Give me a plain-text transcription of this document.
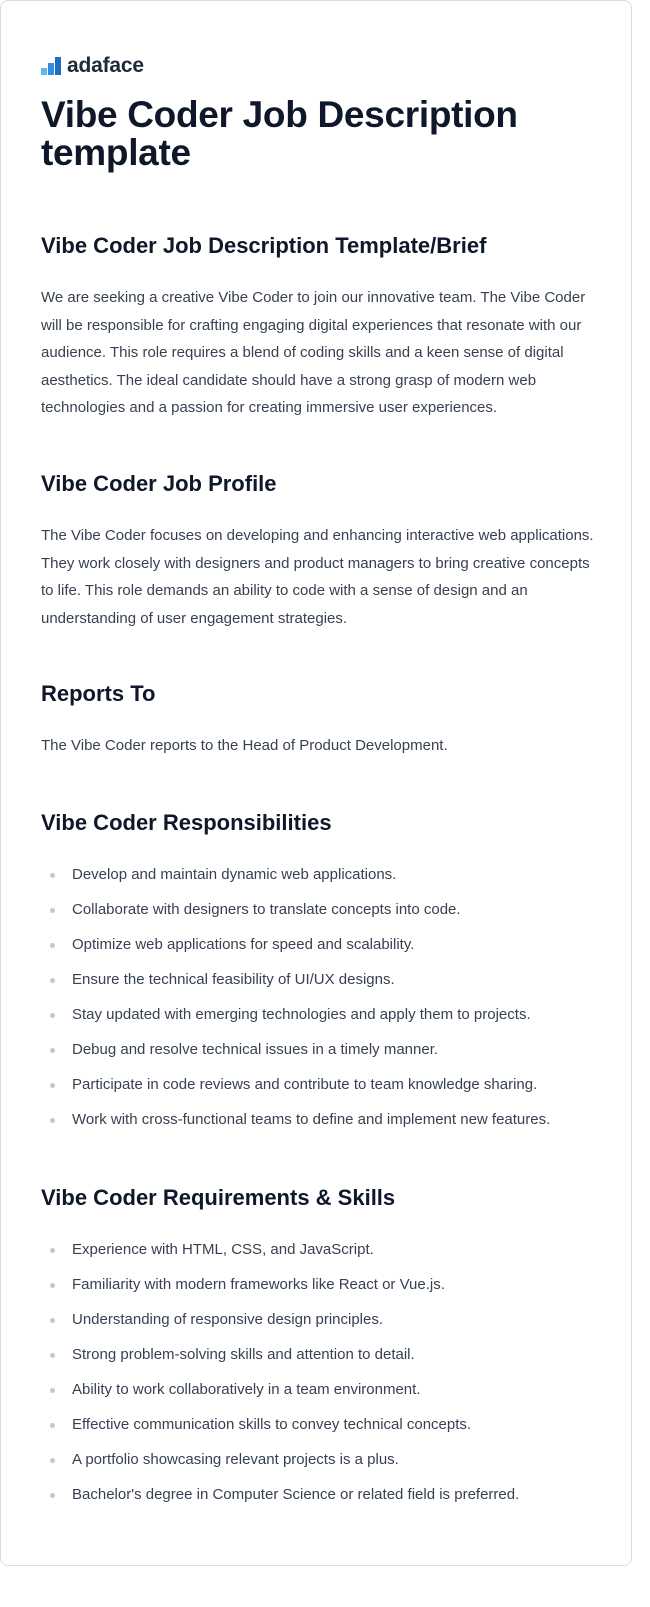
adaface
Vibe Coder Job Description template
Vibe Coder Job Description Template/Brief

We are seeking a creative Vibe Coder to join our innovative team. The Vibe Coder will be responsible for crafting engaging digital experiences that resonate with our audience. This role requires a blend of coding skills and a keen sense of digital aesthetics. The ideal candidate should have a strong grasp of modern web technologies and a passion for creating immersive user experiences.

Vibe Coder Job Profile

The Vibe Coder focuses on developing and enhancing interactive web applications. They work closely with designers and product managers to bring creative concepts to life. This role demands an ability to code with a sense of design and an understanding of user engagement strategies.

Reports To

The Vibe Coder reports to the Head of Product Development.

Vibe Coder Responsibilities
Develop and maintain dynamic web applications.
Collaborate with designers to translate concepts into code.
Optimize web applications for speed and scalability.
Ensure the technical feasibility of UI/UX designs.
Stay updated with emerging technologies and apply them to projects.
Debug and resolve technical issues in a timely manner.
Participate in code reviews and contribute to team knowledge sharing.
Work with cross-functional teams to define and implement new features.
Vibe Coder Requirements & Skills
Experience with HTML, CSS, and JavaScript.
Familiarity with modern frameworks like React or Vue.js.
Understanding of responsive design principles.
Strong problem-solving skills and attention to detail.
Ability to work collaboratively in a team environment.
Effective communication skills to convey technical concepts.
A portfolio showcasing relevant projects is a plus.
Bachelor's degree in Computer Science or related field is preferred.
